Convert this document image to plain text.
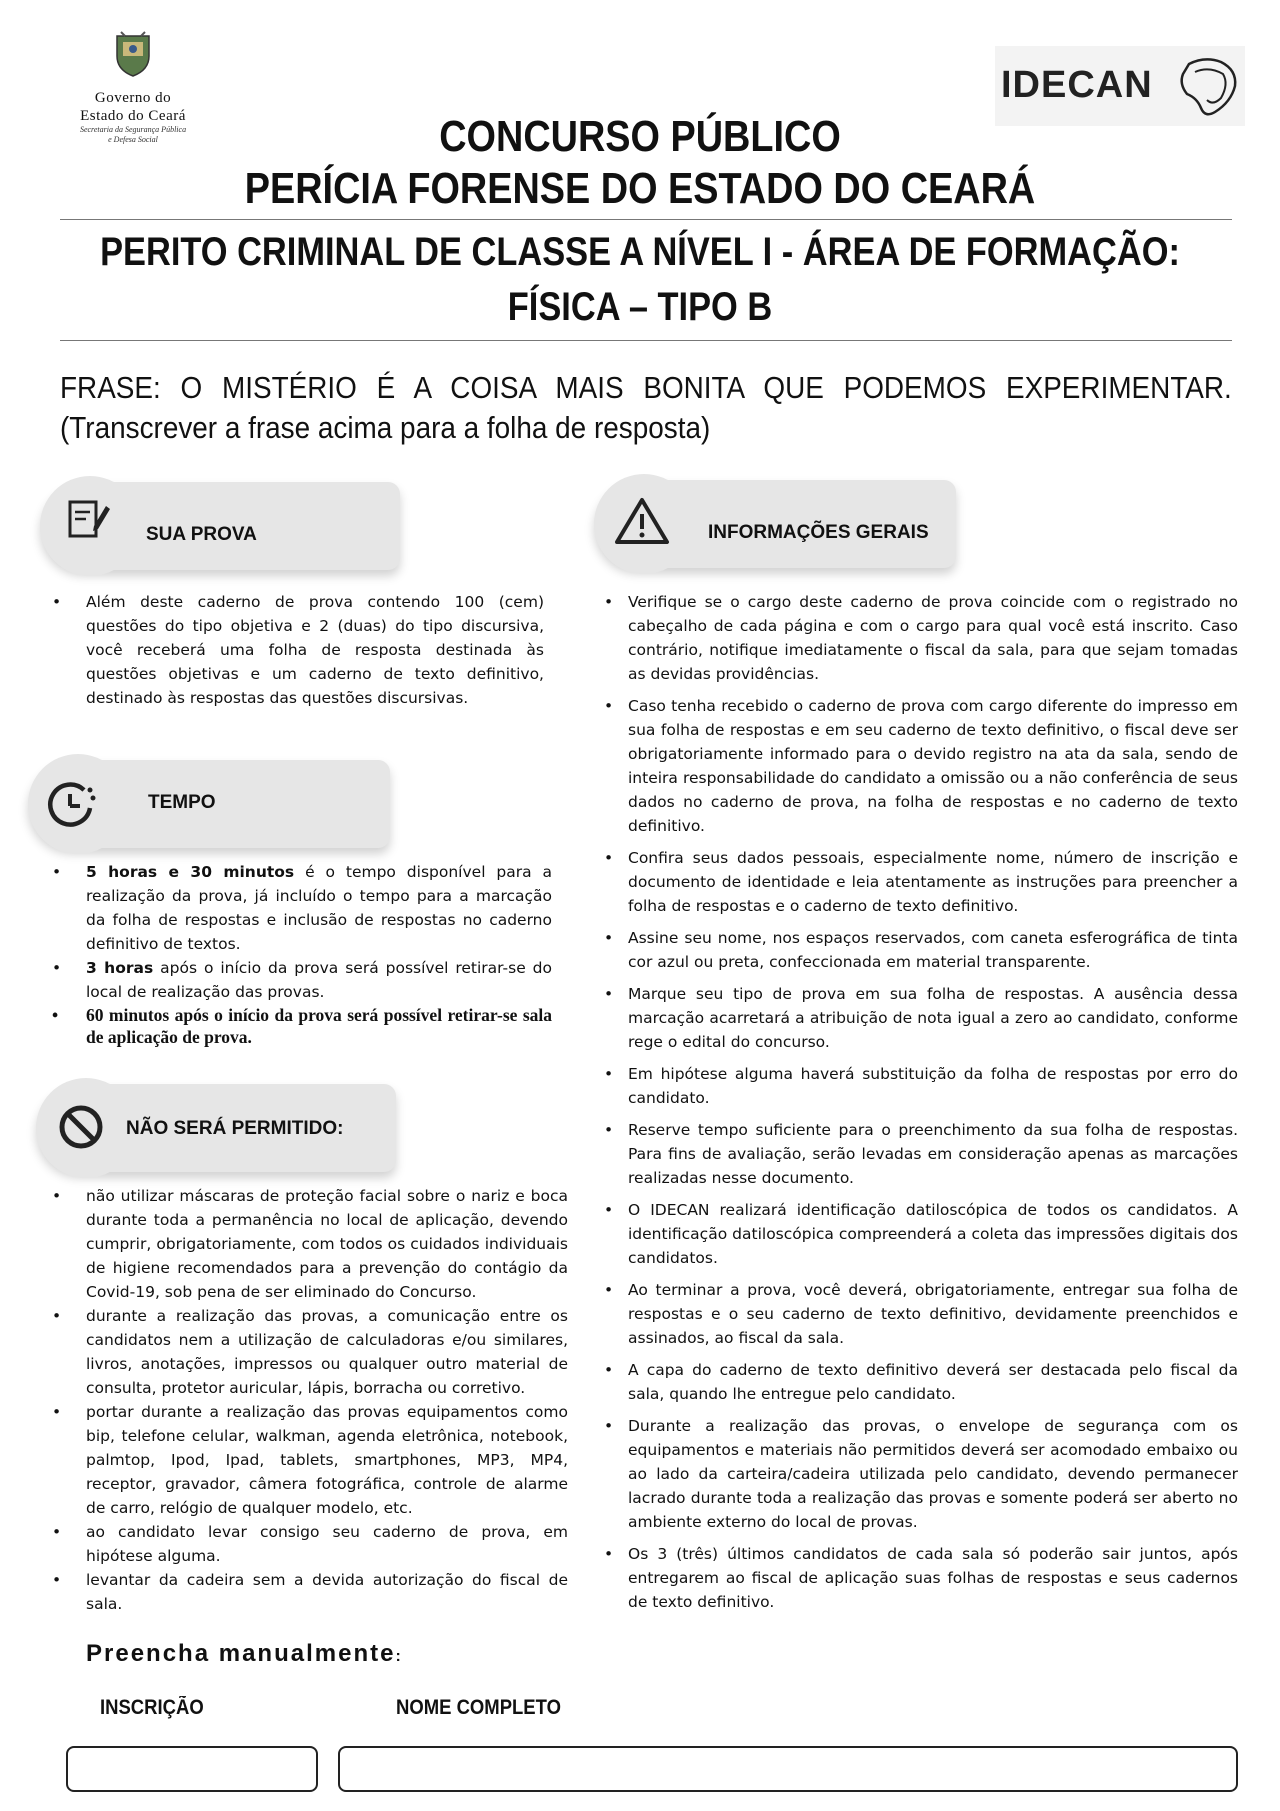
Governo do
Estado do Ceará
Secretaria da Segurança Pública
e Defesa Social
IDECAN
CONCURSO PÚBLICO
PERÍCIA FORENSE DO ESTADO DO CEARÁ
PERITO CRIMINAL DE CLASSE A NÍVEL I - ÁREA DE FORMAÇÃO:
FÍSICA – TIPO B
FRASE: O MISTÉRIO É A COISA MAIS BONITA QUE PODEMOS EXPERIMENTAR.
(Transcrever a frase acima para a folha de resposta)
SUA PROVA
• Além deste caderno de prova contendo 100 (cem) questões do tipo objetiva e 2 (duas) do tipo discursiva, você receberá uma folha de resposta destinada às questões objetivas e um caderno de texto definitivo, destinado às respostas das questões discursivas.
TEMPO
• 5 horas e 30 minutos é o tempo disponível para a realização da prova, já incluído o tempo para a marcação da folha de respostas e inclusão de respostas no caderno definitivo de textos.
• 3 horas após o início da prova será possível retirar-se do local de realização das provas.
• 60 minutos após o início da prova será possível retirar-se sala de aplicação de prova.
NÃO SERÁ PERMITIDO:
• não utilizar máscaras de proteção facial sobre o nariz e boca durante toda a permanência no local de aplicação, devendo cumprir, obrigatoriamente, com todos os cuidados individuais de higiene recomendados para a prevenção do contágio da Covid-19, sob pena de ser eliminado do Concurso.
• durante a realização das provas, a comunicação entre os candidatos nem a utilização de calculadoras e/ou similares, livros, anotações, impressos ou qualquer outro material de consulta, protetor auricular, lápis, borracha ou corretivo.
• portar durante a realização das provas equipamentos como bip, telefone celular, walkman, agenda eletrônica, notebook, palmtop, Ipod, Ipad, tablets, smartphones, MP3, MP4, receptor, gravador, câmera fotográfica, controle de alarme de carro, relógio de qualquer modelo, etc.
• ao candidato levar consigo seu caderno de prova, em hipótese alguma.
• levantar da cadeira sem a devida autorização do fiscal de sala.
INFORMAÇÕES GERAIS
• Verifique se o cargo deste caderno de prova coincide com o registrado no cabeçalho de cada página e com o cargo para qual você está inscrito. Caso contrário, notifique imediatamente o fiscal da sala, para que sejam tomadas as devidas providências.
• Caso tenha recebido o caderno de prova com cargo diferente do impresso em sua folha de respostas e em seu caderno de texto definitivo, o fiscal deve ser obrigatoriamente informado para o devido registro na ata da sala, sendo de inteira responsabilidade do candidato a omissão ou a não conferência de seus dados no caderno de prova, na folha de respostas e no caderno de texto definitivo.
• Confira seus dados pessoais, especialmente nome, número de inscrição e documento de identidade e leia atentamente as instruções para preencher a folha de respostas e o caderno de texto definitivo.
• Assine seu nome, nos espaços reservados, com caneta esferográfica de tinta cor azul ou preta, confeccionada em material transparente.
• Marque seu tipo de prova em sua folha de respostas. A ausência dessa marcação acarretará a atribuição de nota igual a zero ao candidato, conforme rege o edital do concurso.
• Em hipótese alguma haverá substituição da folha de respostas por erro do candidato.
• Reserve tempo suficiente para o preenchimento da sua folha de respostas. Para fins de avaliação, serão levadas em consideração apenas as marcações realizadas nesse documento.
• O IDECAN realizará identificação datiloscópica de todos os candidatos. A identificação datiloscópica compreenderá a coleta das impressões digitais dos candidatos.
• Ao terminar a prova, você deverá, obrigatoriamente, entregar sua folha de respostas e o seu caderno de texto definitivo, devidamente preenchidos e assinados, ao fiscal da sala.
• A capa do caderno de texto definitivo deverá ser destacada pelo fiscal da sala, quando lhe entregue pelo candidato.
• Durante a realização das provas, o envelope de segurança com os equipamentos e materiais não permitidos deverá ser acomodado embaixo ou ao lado da carteira/cadeira utilizada pelo candidato, devendo permanecer lacrado durante toda a realização das provas e somente poderá ser aberto no ambiente externo do local de provas.
• Os 3 (três) últimos candidatos de cada sala só poderão sair juntos, após entregarem ao fiscal de aplicação suas folhas de respostas e seus cadernos de texto definitivo.
Preencha manualmente:
INSCRIÇÃO	NOME COMPLETO
